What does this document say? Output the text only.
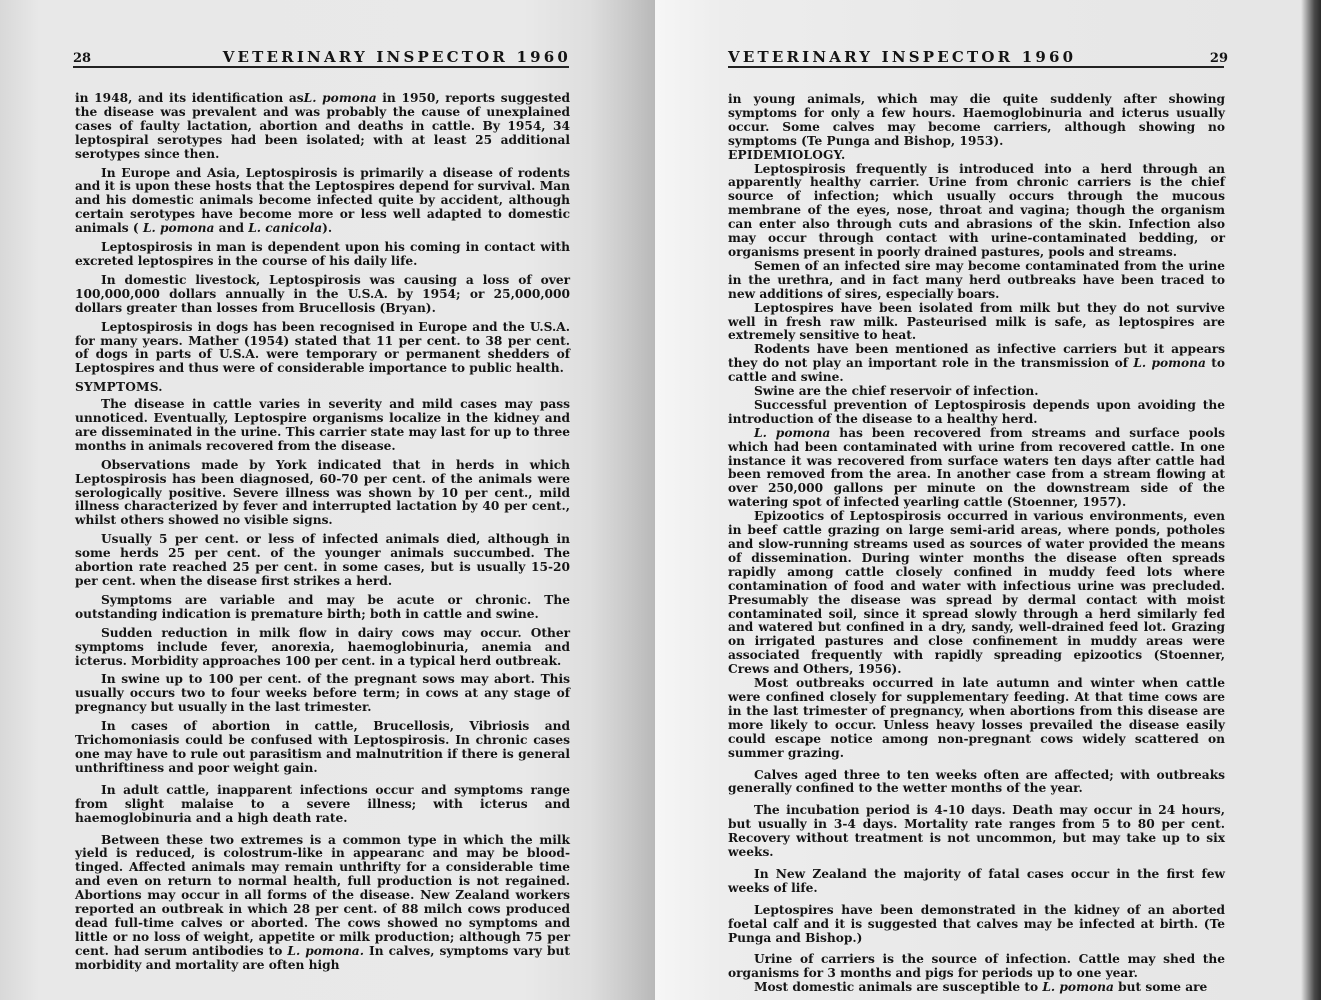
28	VETERINARY INSPECTOR 1960

in 1948, and its identification asL. pomona in 1950, reports suggested the disease was prevalent and was probably the cause of unexplained cases of faulty lactation, abortion and deaths in cattle. By 1954, 34 leptospiral serotypes had been isolated; with at least 25 additional serotypes since then.

In Europe and Asia, Leptospirosis is primarily a disease of rodents and it is upon these hosts that the Leptospires depend for survival. Man and his domestic animals become infected quite by accident, although certain serotypes have become more or less well adapted to domestic animals ( L. pomona and L. canicola).

Leptospirosis in man is dependent upon his coming in contact with excreted leptospires in the course of his daily life.

In domestic livestock, Leptospirosis was causing a loss of over 100,000,000 dollars annually in the U.S.A. by 1954; or 25,000,000 dollars greater than losses from Brucellosis (Bryan).

Leptospirosis in dogs has been recognised in Europe and the U.S.A. for many years. Mather (1954) stated that 11 per cent. to 38 per cent. of dogs in parts of U.S.A. were temporary or permanent shedders of Leptospires and thus were of considerable importance to public health.

SYMPTOMS.

The disease in cattle varies in severity and mild cases may pass unnoticed. Eventually, Leptospire organisms localize in the kidney and are disseminated in the urine. This carrier state may last for up to three months in animals recovered from the disease.

Observations made by York indicated that in herds in which Leptospirosis has been diagnosed, 60-70 per cent. of the animals were serologically positive. Severe illness was shown by 10 per cent., mild illness characterized by fever and interrupted lactation by 40 per cent., whilst others showed no visible signs.

Usually 5 per cent. or less of infected animals died, although in some herds 25 per cent. of the younger animals succumbed. The abortion rate reached 25 per cent. in some cases, but is usually 15-20 per cent. when the disease first strikes a herd.

Symptoms are variable and may be acute or chronic. The outstanding indication is premature birth; both in cattle and swine.

Sudden reduction in milk flow in dairy cows may occur. Other symptoms include fever, anorexia, haemoglobinuria, anemia and icterus. Morbidity approaches 100 per cent. in a typical herd outbreak.

In swine up to 100 per cent. of the pregnant sows may abort. This usually occurs two to four weeks before term; in cows at any stage of pregnancy but usually in the last trimester.

In cases of abortion in cattle, Brucellosis, Vibriosis and Trichomoniasis could be confused with Leptospirosis. In chronic cases one may have to rule out parasitism and malnutrition if there is general unthriftiness and poor weight gain.

In adult cattle, inapparent infections occur and symptoms range from slight malaise to a severe illness; with icterus and haemoglobinuria and a high death rate.

Between these two extremes is a common type in which the milk yield is reduced, is colostrum-like in appearanc and may be blood-tinged. Affected animals may remain unthrifty for a considerable time and even on return to normal health, full production is not regained. Abortions may occur in all forms of the disease. New Zealand workers reported an outbreak in which 28 per cent. of 88 milch cows produced dead full-time calves or aborted. The cows showed no symptoms and little or no loss of weight, appetite or milk production; although 75 per cent. had serum antibodies to L. pomona. In calves, symptoms vary but morbidity and mortality are often high

VETERINARY INSPECTOR 1960	29

in young animals, which may die quite suddenly after showing symptoms for only a few hours. Haemoglobinuria and icterus usually occur. Some calves may become carriers, although showing no symptoms (Te Punga and Bishop, 1953).

EPIDEMIOLOGY.

Leptospirosis frequently is introduced into a herd through an apparently healthy carrier. Urine from chronic carriers is the chief source of infection; which usually occurs through the mucous membrane of the eyes, nose, throat and vagina; though the organism can enter also through cuts and abrasions of the skin. Infection also may occur through contact with urine-contaminated bedding, or organisms present in poorly drained pastures, pools and streams.

Semen of an infected sire may become contaminated from the urine in the urethra, and in fact many herd outbreaks have been traced to new additions of sires, especially boars.

Leptospires have been isolated from milk but they do not survive well in fresh raw milk. Pasteurised milk is safe, as leptospires are extremely sensitive to heat.

Rodents have been mentioned as infective carriers but it appears they do not play an important role in the transmission of L. pomona to cattle and swine.

Swine are the chief reservoir of infection.

Successful prevention of Leptospirosis depends upon avoiding the introduction of the disease to a healthy herd.

L. pomona has been recovered from streams and surface pools which had been contaminated with urine from recovered cattle. In one instance it was recovered from surface waters ten days after cattle had been removed from the area. In another case from a stream flowing at over 250,000 gallons per minute on the downstream side of the watering spot of infected yearling cattle (Stoenner, 1957).

Epizootics of Leptospirosis occurred in various environments, even in beef cattle grazing on large semi-arid areas, where ponds, potholes and slow-running streams used as sources of water provided the means of dissemination. During winter months the disease often spreads rapidly among cattle closely confined in muddy feed lots where contamination of food and water with infectious urine was precluded. Presumably the disease was spread by dermal contact with moist contaminated soil, since it spread slowly through a herd similarly fed and watered but confined in a dry, sandy, well-drained feed lot. Grazing on irrigated pastures and close confinement in muddy areas were associated frequently with rapidly spreading epizootics (Stoenner, Crews and Others, 1956).

Most outbreaks occurred in late autumn and winter when cattle were confined closely for supplementary feeding. At that time cows are in the last trimester of pregnancy, when abortions from this disease are more likely to occur. Unless heavy losses prevailed the disease easily could escape notice among non-pregnant cows widely scattered on summer grazing.

Calves aged three to ten weeks often are affected; with outbreaks generally confined to the wetter months of the year.

The incubation period is 4-10 days. Death may occur in 24 hours, but usually in 3-4 days. Mortality rate ranges from 5 to 80 per cent. Recovery without treatment is not uncommon, but may take up to six weeks.

In New Zealand the majority of fatal cases occur in the first few weeks of life.

Leptospires have been demonstrated in the kidney of an aborted foetal calf and it is suggested that calves may be infected at birth. (Te Punga and Bishop.)

Urine of carriers is the source of infection. Cattle may shed the organisms for 3 months and pigs for periods up to one year.

Most domestic animals are susceptible to L. pomona but some are
